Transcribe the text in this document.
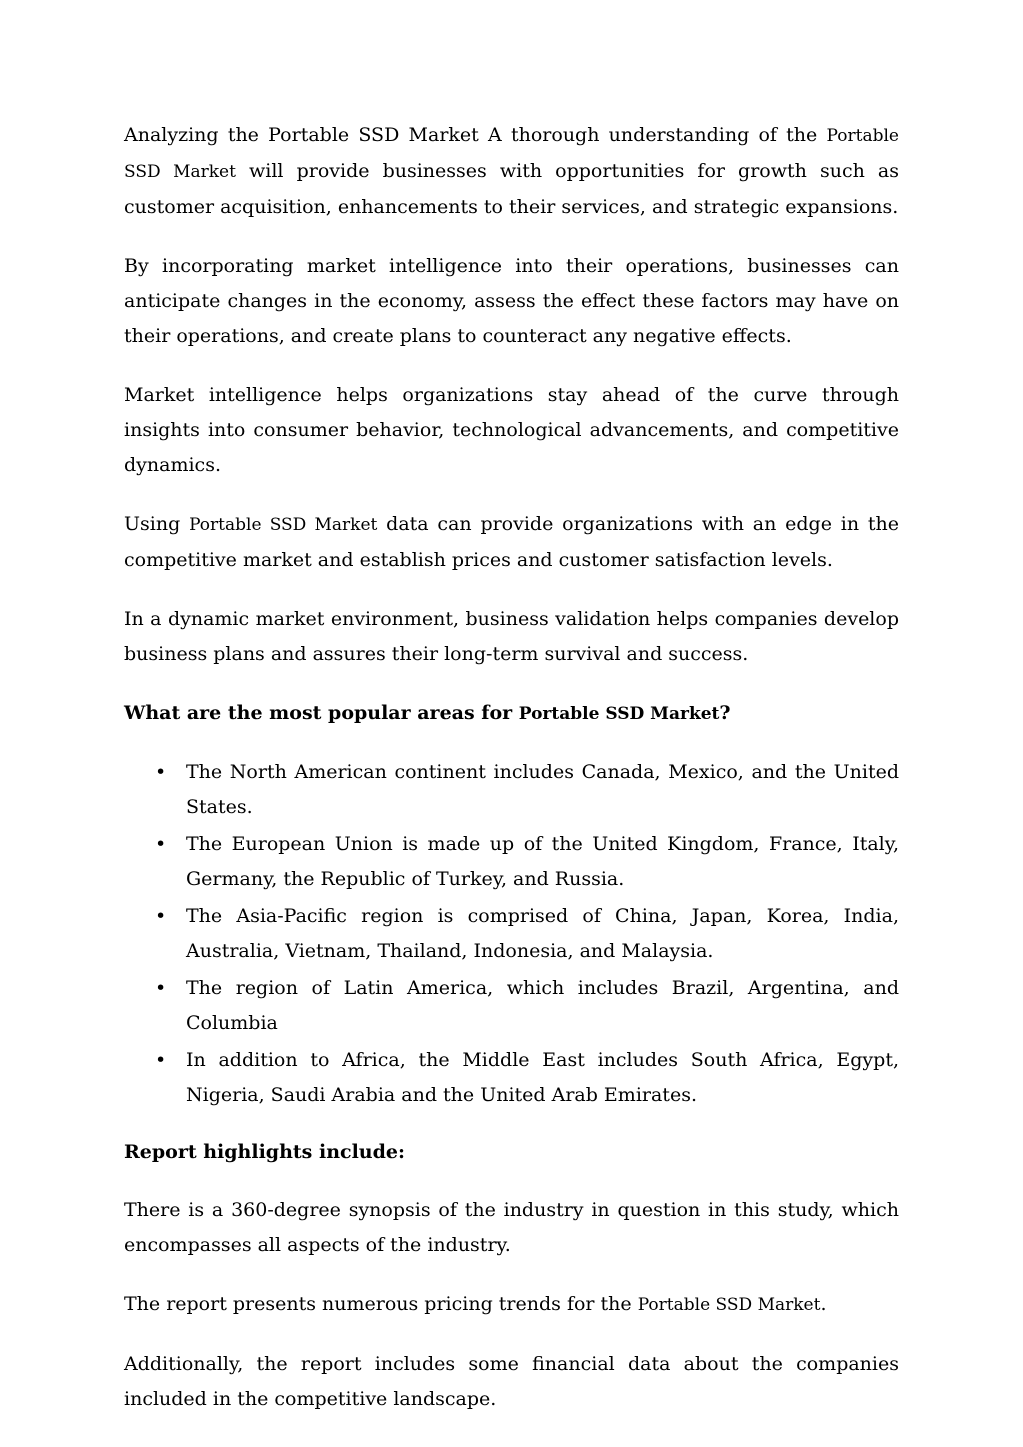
Analyzing the Portable SSD Market A thorough understanding of the Portable SSD Market will provide businesses with opportunities for growth such as customer acquisition, enhancements to their services, and strategic expansions.

By incorporating market intelligence into their operations, businesses can anticipate changes in the economy, assess the effect these factors may have on their operations, and create plans to counteract any negative effects.

Market intelligence helps organizations stay ahead of the curve through insights into consumer behavior, technological advancements, and competitive dynamics.

Using Portable SSD Market data can provide organizations with an edge in the competitive market and establish prices and customer satisfaction levels.

In a dynamic market environment, business validation helps companies develop business plans and assures their long-term survival and success.

What are the most popular areas for Portable SSD Market?
• The North American continent includes Canada, Mexico, and the United States.
• The European Union is made up of the United Kingdom, France, Italy, Germany, the Republic of Turkey, and Russia.
• The Asia-Pacific region is comprised of China, Japan, Korea, India, Australia, Vietnam, Thailand, Indonesia, and Malaysia.
• The region of Latin America, which includes Brazil, Argentina, and Columbia
• In addition to Africa, the Middle East includes South Africa, Egypt, Nigeria, Saudi Arabia and the United Arab Emirates.
Report highlights include:

There is a 360-degree synopsis of the industry in question in this study, which encompasses all aspects of the industry.

The report presents numerous pricing trends for the Portable SSD Market.

Additionally, the report includes some financial data about the companies included in the competitive landscape.
